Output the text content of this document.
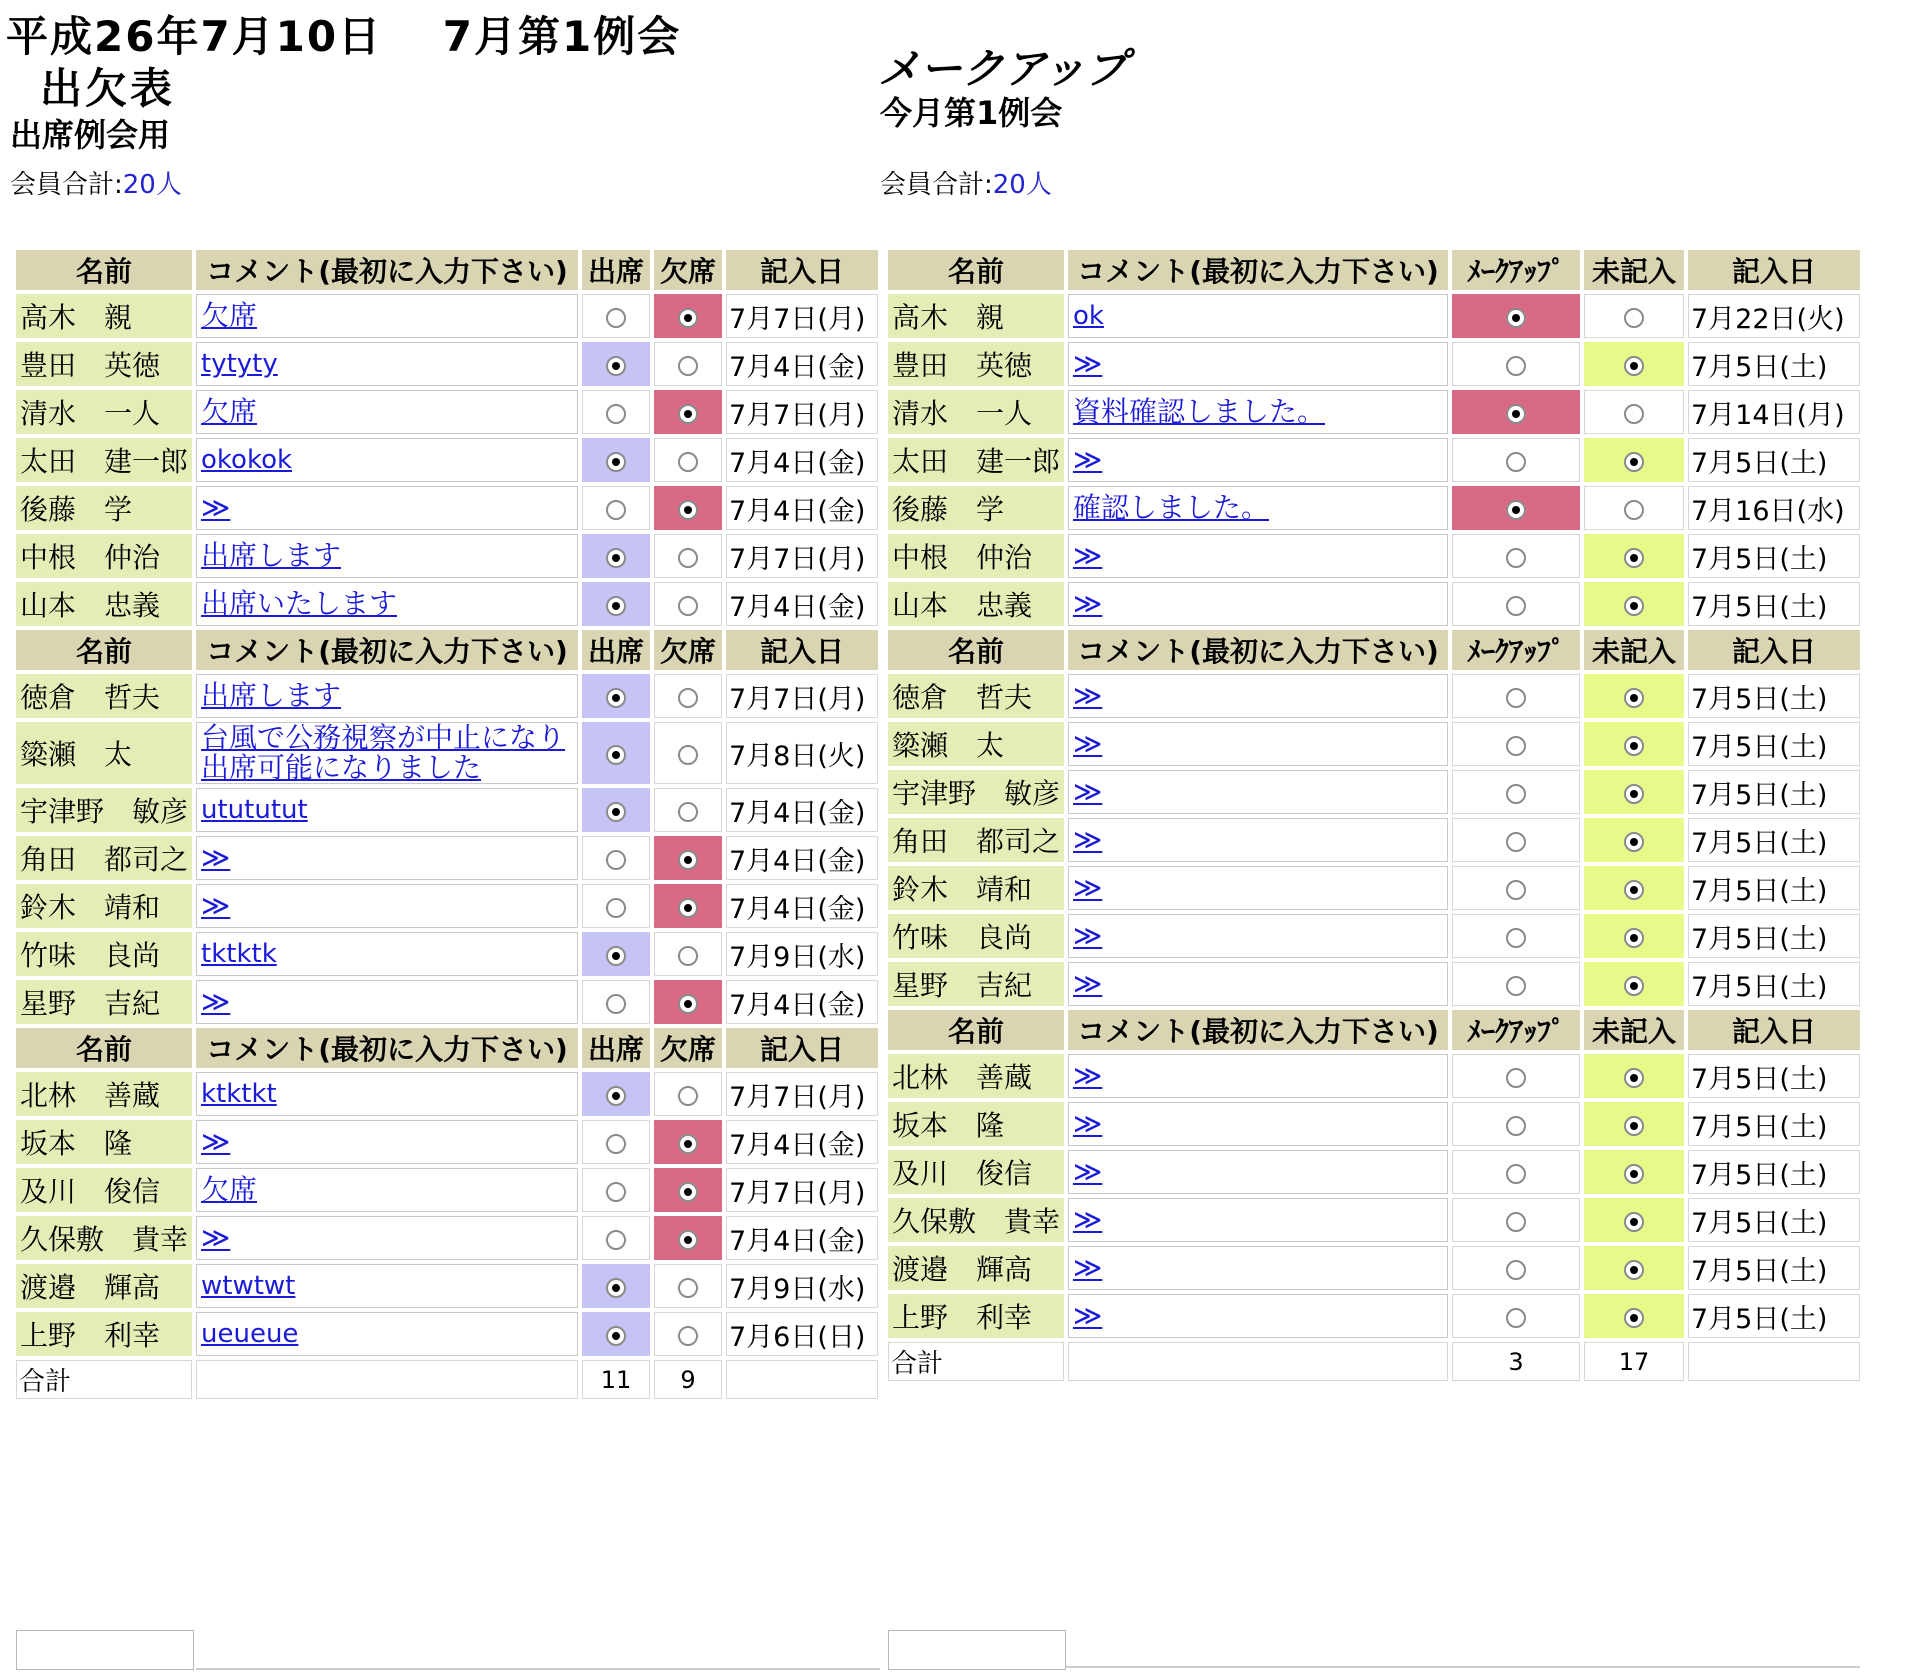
平成26年7月10日　 7月第1例会
出欠表
出席例会用
会員合計:20人
メークアップ
今月第1例会
会員合計:20人
名前	コメント(最初に入力下さい)	出席	欠席	記入日
高木　親	欠席			7月7日(月)
豊田　英徳	tytyty			7月4日(金)
清水　一人	欠席			7月7日(月)
太田　建一郎	okokok			7月4日(金)
後藤　学	≫			7月4日(金)
中根　仲治	出席します			7月7日(月)
山本　忠義	出席いたします			7月4日(金)
名前	コメント(最初に入力下さい)	出席	欠席	記入日
徳倉　哲夫	出席します			7月7日(月)
簗瀬　太	台風で公務視察が中止になり出席可能になりました			7月8日(火)
宇津野　敏彦	utututut			7月4日(金)
角田　都司之	≫			7月4日(金)
鈴木　靖和	≫			7月4日(金)
竹味　良尚	tktktk			7月9日(水)
星野　吉紀	≫			7月4日(金)
名前	コメント(最初に入力下さい)	出席	欠席	記入日
北林　善蔵	ktktkt			7月7日(月)
坂本　隆	≫			7月4日(金)
及川　俊信	欠席			7月7日(月)
久保敷　貴幸	≫			7月4日(金)
渡邉　輝高	wtwtwt			7月9日(水)
上野　利幸	ueueue			7月6日(日)
合計		11	9	
名前	コメント(最初に入力下さい)	ﾒｰｸｱｯﾌﾟ	未記入	記入日
高木　親	ok			7月22日(火)
豊田　英徳	≫			7月5日(土)
清水　一人	資料確認しました。			7月14日(月)
太田　建一郎	≫			7月5日(土)
後藤　学	確認しました。			7月16日(水)
中根　仲治	≫			7月5日(土)
山本　忠義	≫			7月5日(土)
名前	コメント(最初に入力下さい)	ﾒｰｸｱｯﾌﾟ	未記入	記入日
徳倉　哲夫	≫			7月5日(土)
簗瀬　太	≫			7月5日(土)
宇津野　敏彦	≫			7月5日(土)
角田　都司之	≫			7月5日(土)
鈴木　靖和	≫			7月5日(土)
竹味　良尚	≫			7月5日(土)
星野　吉紀	≫			7月5日(土)
名前	コメント(最初に入力下さい)	ﾒｰｸｱｯﾌﾟ	未記入	記入日
北林　善蔵	≫			7月5日(土)
坂本　隆	≫			7月5日(土)
及川　俊信	≫			7月5日(土)
久保敷　貴幸	≫			7月5日(土)
渡邉　輝高	≫			7月5日(土)
上野　利幸	≫			7月5日(土)
合計		3	17	
